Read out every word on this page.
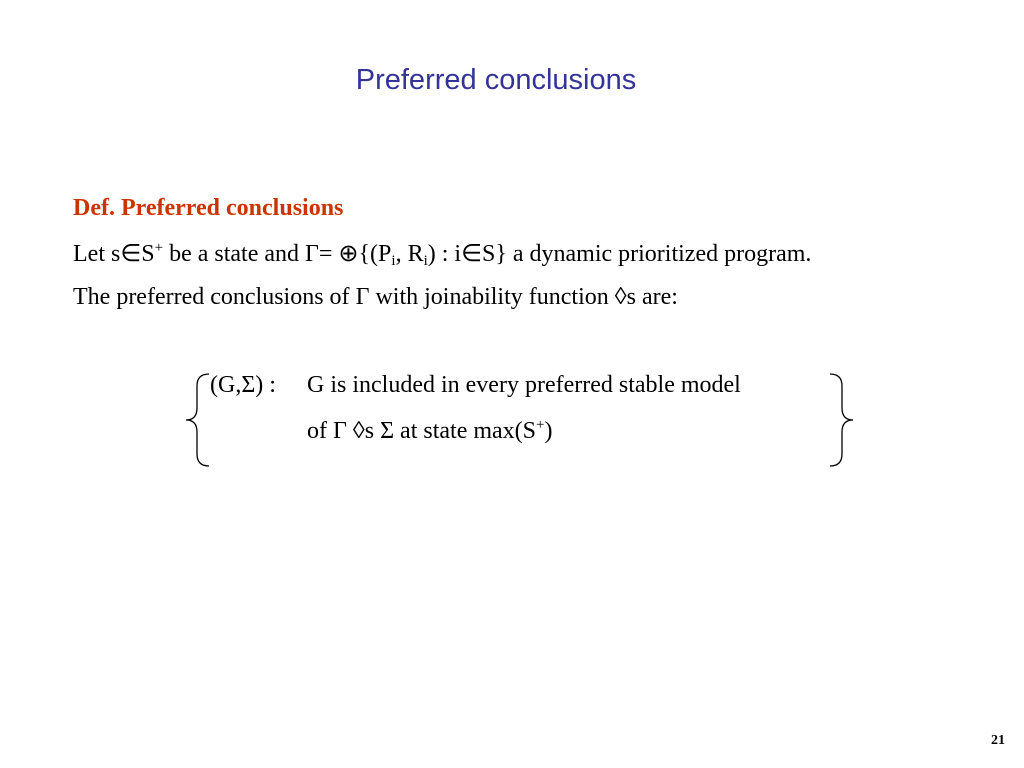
Preferred conclusions
Def. Preferred conclusions
Let s∈S+ be a state and $\Gamma= \oplus\{(P_i$, $R_i$) : i∈S} a dynamic prioritized program.
The preferred conclusions of Γ with joinability function ◊s are:
(G,Σ) : G is included in every preferred stable model
of Γ ◊s Σ at state max(S+)
21
